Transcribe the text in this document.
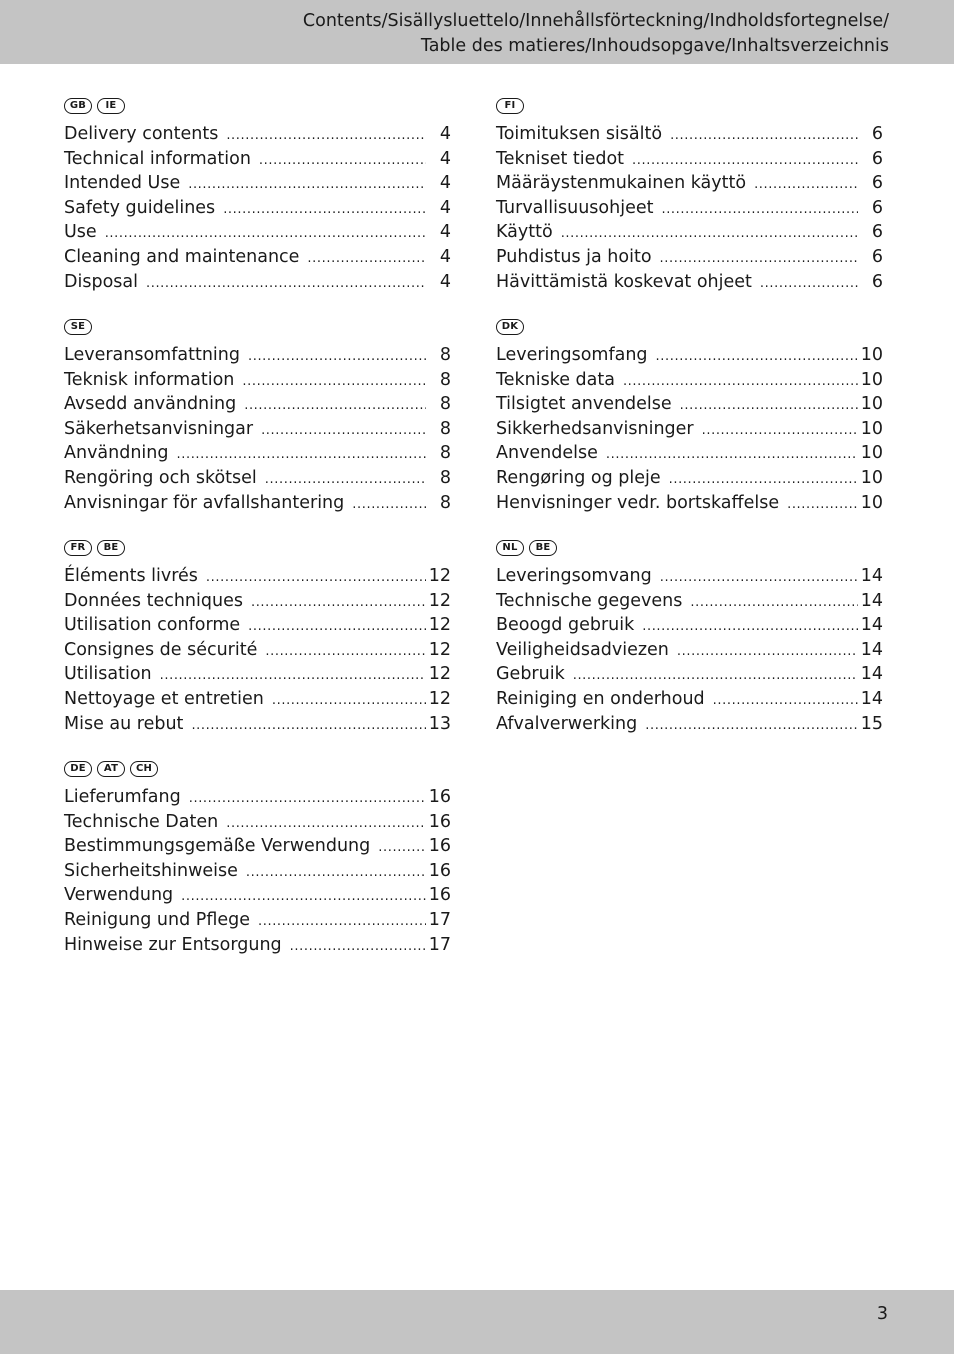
Contents/Sisällysluettelo/Innehållsförteckning/Indholdsfortegnelse/
Table des matieres/Inhoudsopgave/Inhaltsverzeichnis
GB	IE
Delivery contents .....	4
Technical information .....	4
Intended Use .....	4
Safety guidelines .....	4
Use .....	4
Cleaning and maintenance .....	4
Disposal .....	4
FI
Toimituksen sisältö .....	6
Tekniset tiedot .....	6
Määräystenmukainen käyttö .....	6
Turvallisuusohjeet .....	6
Käyttö .....	6
Puhdistus ja hoito .....	6
Hävittämistä koskevat ohjeet .....	6
SE
Leveransomfattning .....	8
Teknisk information .....	8
Avsedd användning .....	8
Säkerhetsanvisningar .....	8
Användning .....	8
Rengöring och skötsel .....	8
Anvisningar för avfallshantering .....	8
DK
Leveringsomfang .....	10
Tekniske data .....	10
Tilsigtet anvendelse .....	10
Sikkerhedsanvisninger .....	10
Anvendelse .....	10
Rengøring og pleje .....	10
Henvisninger vedr. bortskaffelse .....	10
FR	BE
Éléments livrés .....	12
Données techniques .....	12
Utilisation conforme .....	12
Consignes de sécurité .....	12
Utilisation .....	12
Nettoyage et entretien .....	12
Mise au rebut .....	13
NL	BE
Leveringsomvang .....	14
Technische gegevens .....	14
Beoogd gebruik .....	14
Veiligheidsadviezen .....	14
Gebruik .....	14
Reiniging en onderhoud .....	14
Afvalverwerking .....	15
DE	AT	CH
Lieferumfang .....	16
Technische Daten .....	16
Bestimmungsgemäße Verwendung .....	16
Sicherheitshinweise .....	16
Verwendung .....	16
Reinigung und Pflege .....	17
Hinweise zur Entsorgung .....	17
3
